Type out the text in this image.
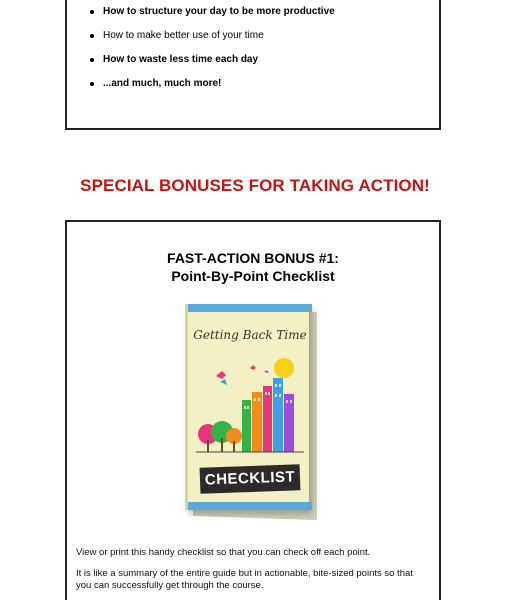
How to structure your day to be more productive
How to make better use of your time
How to waste less time each day
...and much, much more!
SPECIAL BONUSES FOR TAKING ACTION!
FAST-ACTION BONUS #1:
Point-By-Point Checklist
Getting Back Time
CHECKLIST

View or print this handy checklist so that you can check off each point.

It is like a summary of the entire guide but in actionable, bite-sized points so that you can successfully get through the course.
